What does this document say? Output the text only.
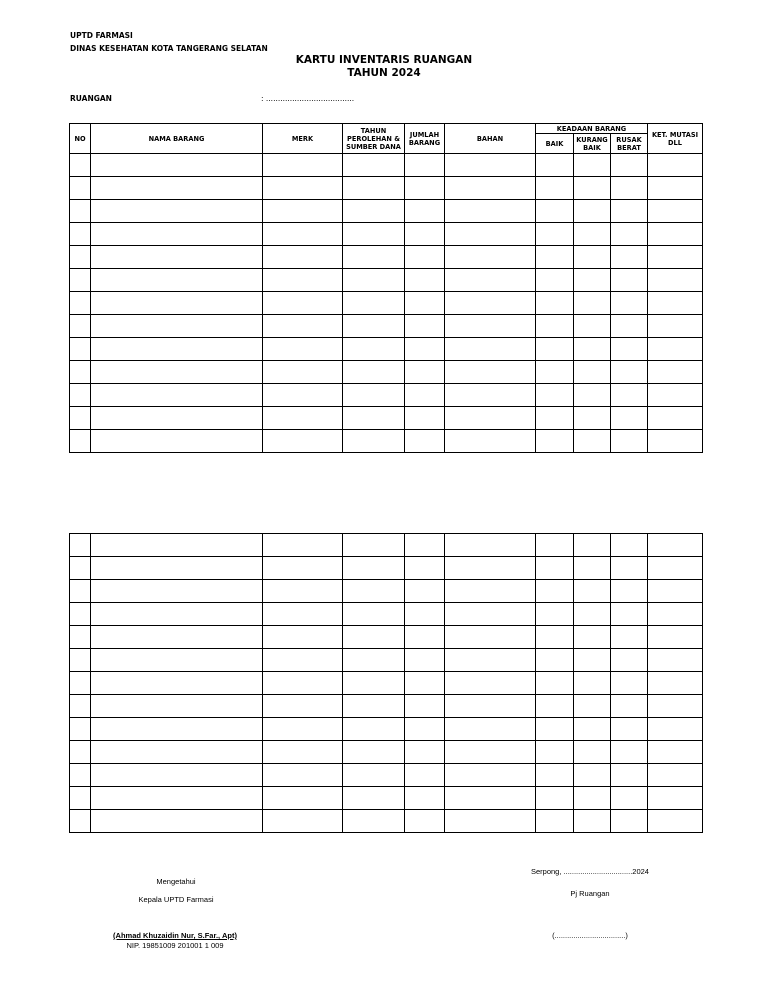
UPTD FARMASI
DINAS KESEHATAN KOTA TANGERANG SELATAN
KARTU INVENTARIS RUANGAN
TAHUN 2024
RUANGAN	: .....................................
NO	NAMA BARANG	MERK	TAHUN PEROLEHAN & SUMBER DANA	JUMLAH BARANG	BAHAN	KEADAAN BARANG			KET. MUTASI DLL
						BAIK	KURANG BAIK	RUSAK BERAT	

Mengetahui
Kepala UPTD Farmasi
(Ahmad Khuzaidin Nur, S.Far., Apt)
NIP. 19851009 201001 1 009
Serpong, .................................2024
Pj Ruangan
(..................................)
